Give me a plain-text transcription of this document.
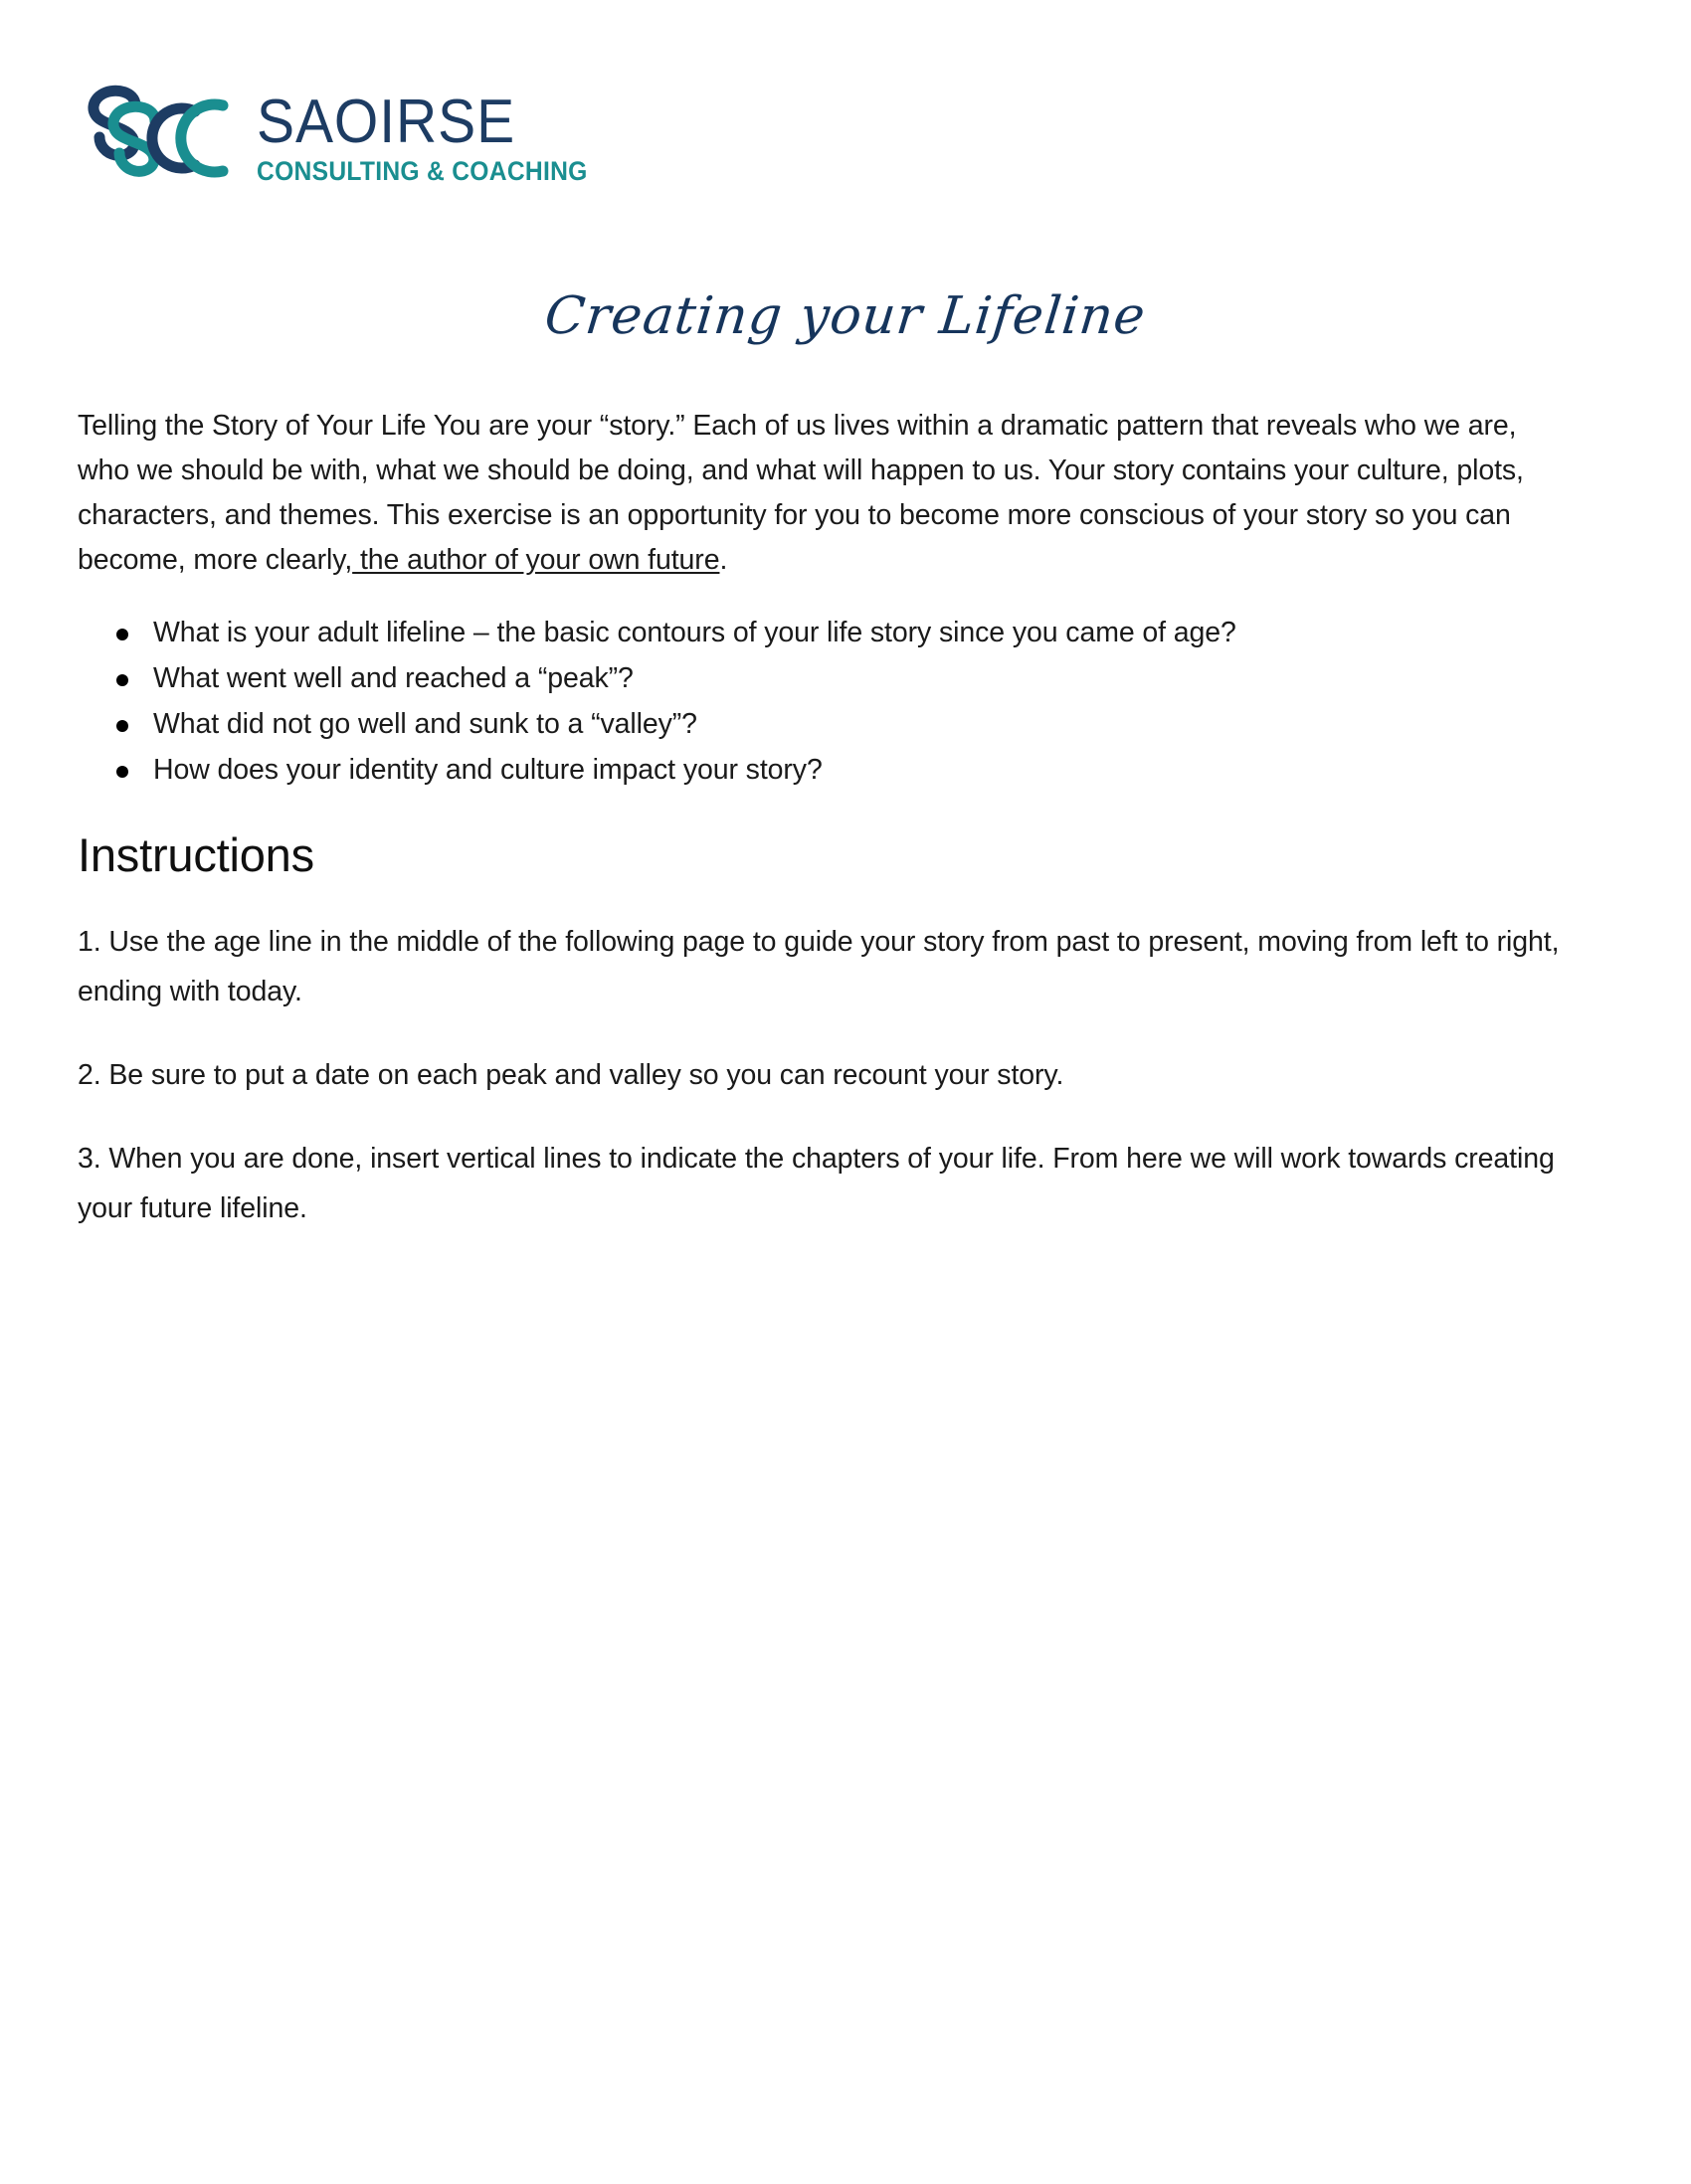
SAOIRSE
CONSULTING & COACHING
Creating your Lifeline

Telling the Story of Your Life You are your “story.” Each of us lives within a dramatic pattern that reveals who we are, who we should be with, what we should be doing, and what will happen to us. Your story contains your culture, plots, characters, and themes. This exercise is an opportunity for you to become more conscious of your story so you can become, more clearly, the author of your own future.

What is your adult lifeline – the basic contours of your life story since you came of age?
What went well and reached a “peak”?
What did not go well and sunk to a “valley”?
How does your identity and culture impact your story?
Instructions

1. Use the age line in the middle of the following page to guide your story from past to present, moving from left to right, ending with today.

2. Be sure to put a date on each peak and valley so you can recount your story.

3. When you are done, insert vertical lines to indicate the chapters of your life. From here we will work towards creating your future lifeline.
